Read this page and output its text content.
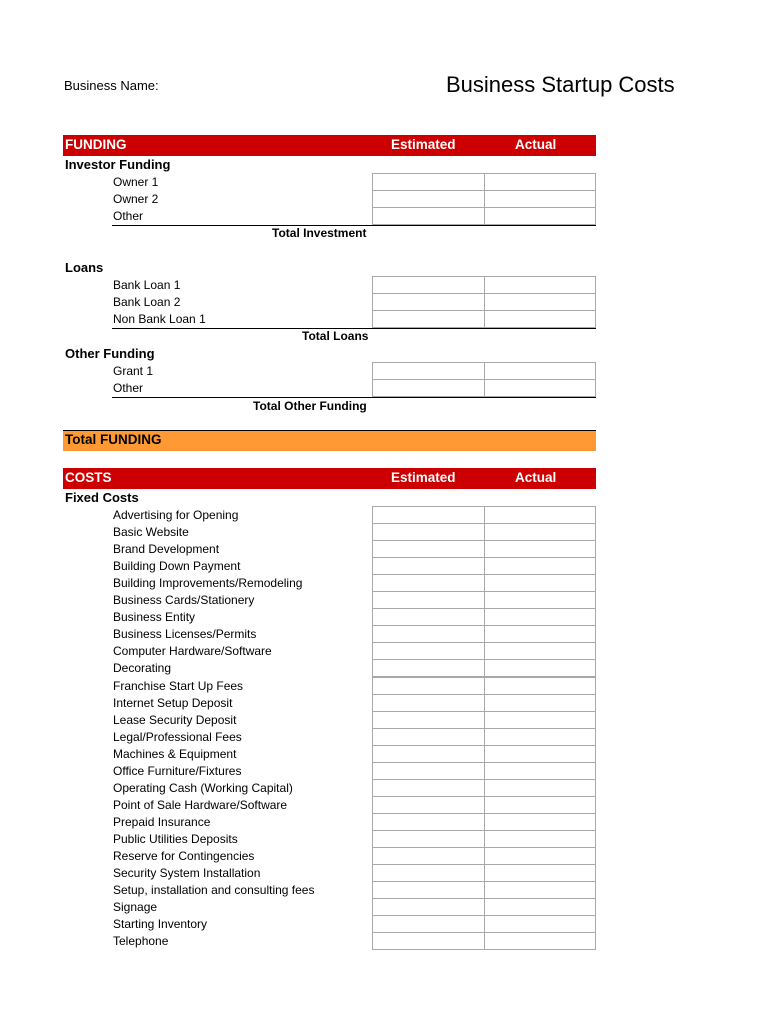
Business Name:	Business Startup Costs
FUNDING	Estimated	Actual
Investor Funding
Owner 1
Owner 2
Other
Total Investment
Loans
Bank Loan 1
Bank Loan 2
Non Bank Loan 1
Total Loans
Other Funding
Grant 1
Other
Total Other Funding
Total FUNDING
COSTS	Estimated	Actual
Fixed Costs
Advertising for Opening
Basic Website
Brand Development
Building Down Payment
Building Improvements/Remodeling
Business Cards/Stationery
Business Entity
Business Licenses/Permits
Computer Hardware/Software
Decorating
Franchise Start Up Fees
Internet Setup Deposit
Lease Security Deposit
Legal/Professional Fees
Machines & Equipment
Office Furniture/Fixtures
Operating Cash (Working Capital)
Point of Sale Hardware/Software
Prepaid Insurance
Public Utilities Deposits
Reserve for Contingencies
Security System Installation
Setup, installation and consulting fees
Signage
Starting Inventory
Telephone
